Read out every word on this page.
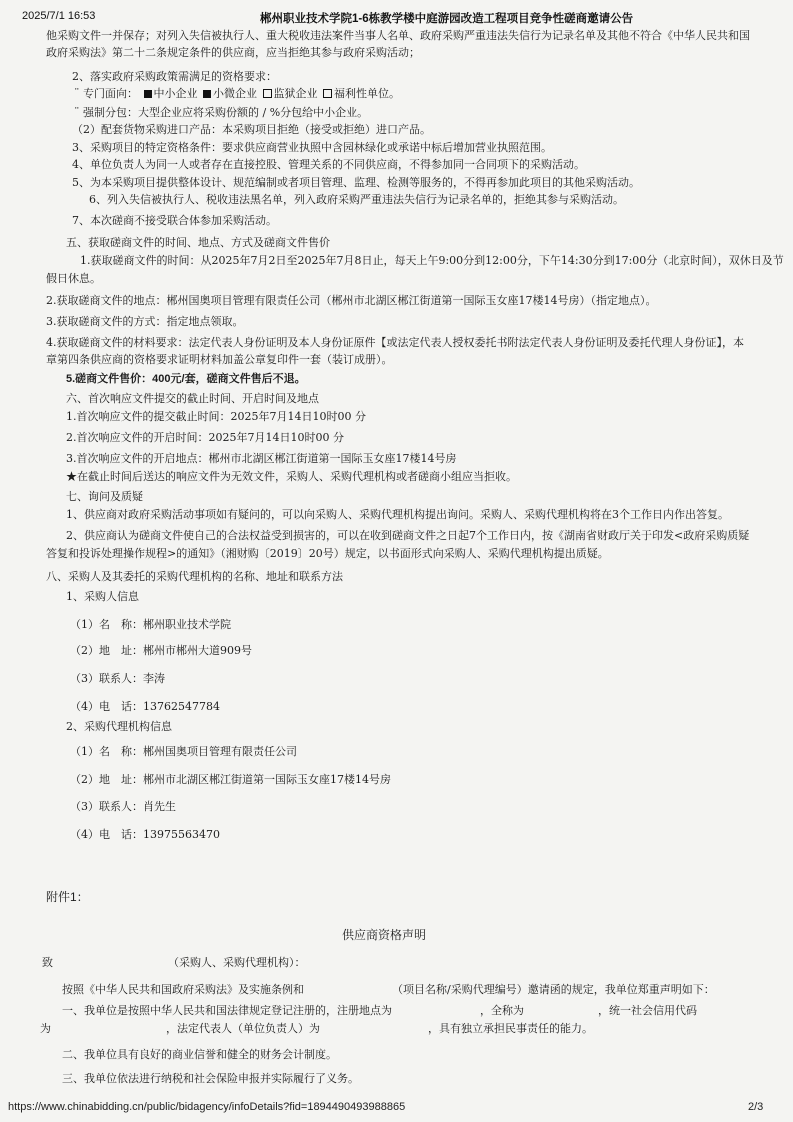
2025/7/1 16:53	郴州职业技术学院1-6栋教学楼中庭游园改造工程项目竞争性磋商邀请公告
他采购文件一并保存；对列入失信被执行人、重大税收违法案件当事人名单、政府采购严重违法失信行为记录名单及其他不符合《中华人民共和国
政府采购法》第二十二条规定条件的供应商，应当拒绝其参与政府采购活动；
2、落实政府采购政策需满足的资格要求：
¨ 专门面向： 中小企业 小微企业 监狱企业 福利性单位。
¨ 强制分包：大型企业应将采购份额的 / %分包给中小企业。
（2）配套货物采购进口产品：本采购项目拒绝（接受或拒绝）进口产品。
3、采购项目的特定资格条件：要求供应商营业执照中含园林绿化或承诺中标后增加营业执照范围。
4、单位负责人为同一人或者存在直接控股、管理关系的不同供应商，不得参加同一合同项下的采购活动。
5、为本采购项目提供整体设计、规范编制或者项目管理、监理、检测等服务的，不得再参加此项目的其他采购活动。
6、列入失信被执行人、税收违法黑名单，列入政府采购严重违法失信行为记录名单的，拒绝其参与采购活动。
7、本次磋商不接受联合体参加采购活动。
五、获取磋商文件的时间、地点、方式及磋商文件售价
1.获取磋商文件的时间：从2025年7月2日至2025年7月8日止，每天上午9:00分到12:00分，下午14:30分到17:00分（北京时间），双休日及节
假日休息。
2.获取磋商文件的地点：郴州国奥项目管理有限责任公司（郴州市北湖区郴江街道第一国际玉女座17楼14号房）（指定地点）。
3.获取磋商文件的方式：指定地点领取。
4.获取磋商文件的材料要求：法定代表人身份证明及本人身份证原件【或法定代表人授权委托书附法定代表人身份证明及委托代理人身份证】，本
章第四条供应商的资格要求证明材料加盖公章复印件一套（装订成册）。
5.磋商文件售价：400元/套，磋商文件售后不退。
六、首次响应文件提交的截止时间、开启时间及地点
1.首次响应文件的提交截止时间：2025年7月14日10时00 分
2.首次响应文件的开启时间：2025年7月14日10时00 分
3.首次响应文件的开启地点：郴州市北湖区郴江街道第一国际玉女座17楼14号房
★在截止时间后送达的响应文件为无效文件，采购人、采购代理机构或者磋商小组应当拒收。
七、询问及质疑
1、供应商对政府采购活动事项如有疑问的，可以向采购人、采购代理机构提出询问。采购人、采购代理机构将在3个工作日内作出答复。
2、供应商认为磋商文件使自己的合法权益受到损害的，可以在收到磋商文件之日起7个工作日内，按《湖南省财政厅关于印发<政府采购质疑
答复和投诉处理操作规程>的通知》（湘财购〔2019〕20号）规定，以书面形式向采购人、采购代理机构提出质疑。
八、采购人及其委托的采购代理机构的名称、地址和联系方法
1、采购人信息
（1）名　称：郴州职业技术学院
（2）地　址：郴州市郴州大道909号
（3）联系人：李涛
（4）电　话：13762547784
2、采购代理机构信息
（1）名　称：郴州国奥项目管理有限责任公司
（2）地　址：郴州市北湖区郴江街道第一国际玉女座17楼14号房
（3）联系人：肖先生
（4）电　话：13975563470
附件1：
供应商资格声明
致	（采购人、采购代理机构）：
按照《中华人民共和国政府采购法》及实施条例和	（项目名称/采购代理编号）邀请函的规定，我单位郑重声明如下：
一、我单位是按照中华人民共和国法律规定登记注册的，注册地点为	，全称为	，统一社会信用代码
为	，法定代表人（单位负责人）为	，具有独立承担民事责任的能力。
二、我单位具有良好的商业信誉和健全的财务会计制度。
三、我单位依法进行纳税和社会保险申报并实际履行了义务。
https://www.chinabidding.cn/public/bidagency/infoDetails?fid=1894490493988865	2/3
